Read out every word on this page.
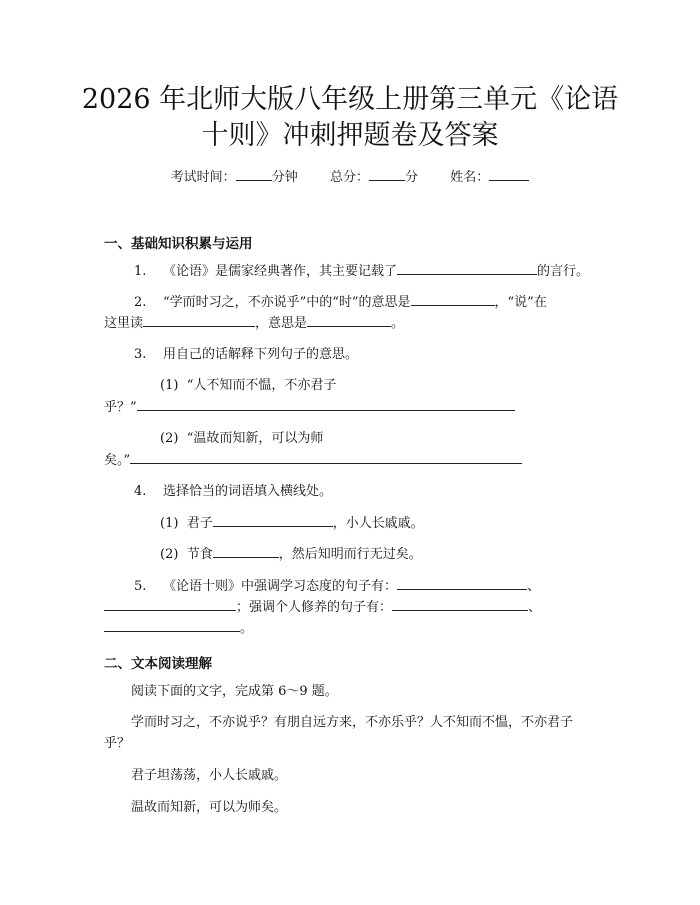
2026 年北师大版八年级上册第三单元《论语
十则》冲刺押题卷及答案
考试时间：	分钟 总分：	分 姓名：
一、基础知识积累与运用
1. 《论语》是儒家经典著作，其主要记载了	的言行。
2. “学而时习之，不亦说乎”中的“时”的意思是	，“说”在
这里读	，意思是	。
3. 用自己的话解释下列句子的意思。
(1) “人不知而不愠，不亦君子
乎？”
(2) “温故而知新，可以为师
矣。”
4. 选择恰当的词语填入横线处。
(1) 君子	，小人长戚戚。
(2) 节食	，然后知明而行无过矣。
5. 《论语十则》中强调学习态度的句子有：	、
；强调个人修养的句子有：	、
。
二、文本阅读理解
阅读下面的文字，完成第 6～9 题。
学而时习之，不亦说乎？有朋自远方来，不亦乐乎？人不知而不愠，不亦君子
乎？
君子坦荡荡，小人长戚戚。
温故而知新，可以为师矣。
